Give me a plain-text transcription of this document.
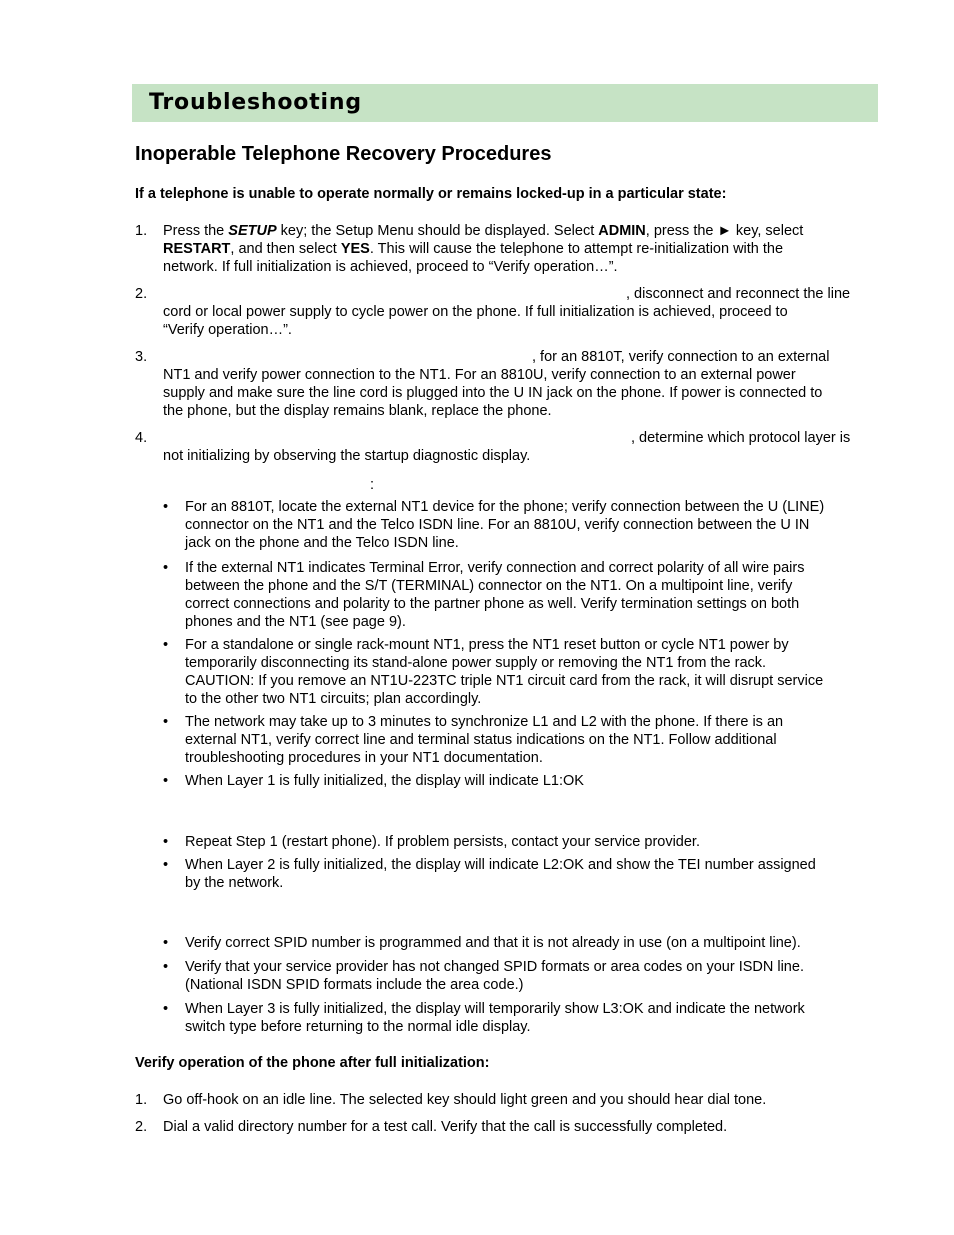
Troubleshooting
Inoperable Telephone Recovery Procedures
If a telephone is unable to operate normally or remains locked-up in a particular state:
1. Press the SETUP key; the Setup Menu should be displayed. Select ADMIN, press the ► key, select
RESTART, and then select YES. This will cause the telephone to attempt re-initialization with the
network. If full initialization is achieved, proceed to “Verify operation…”.
2.	, disconnect and reconnect the line
cord or local power supply to cycle power on the phone. If full initialization is achieved, proceed to
“Verify operation…”.
3.	, for an 8810T, verify connection to an external
NT1 and verify power connection to the NT1. For an 8810U, verify connection to an external power
supply and make sure the line cord is plugged into the U IN jack on the phone. If power is connected to
the phone, but the display remains blank, replace the phone.
4.	, determine which protocol layer is
not initializing by observing the startup diagnostic display.
:
• For an 8810T, locate the external NT1 device for the phone; verify connection between the U (LINE)
connector on the NT1 and the Telco ISDN line. For an 8810U, verify connection between the U IN
jack on the phone and the Telco ISDN line.
• If the external NT1 indicates Terminal Error, verify connection and correct polarity of all wire pairs
between the phone and the S/T (TERMINAL) connector on the NT1. On a multipoint line, verify
correct connections and polarity to the partner phone as well. Verify termination settings on both
phones and the NT1 (see page 9).
• For a standalone or single rack-mount NT1, press the NT1 reset button or cycle NT1 power by
temporarily disconnecting its stand-alone power supply or removing the NT1 from the rack.
CAUTION: If you remove an NT1U-223TC triple NT1 circuit card from the rack, it will disrupt service
to the other two NT1 circuits; plan accordingly.
• The network may take up to 3 minutes to synchronize L1 and L2 with the phone. If there is an
external NT1, verify correct line and terminal status indications on the NT1. Follow additional
troubleshooting procedures in your NT1 documentation.
• When Layer 1 is fully initialized, the display will indicate L1:OK
• Repeat Step 1 (restart phone). If problem persists, contact your service provider.
• When Layer 2 is fully initialized, the display will indicate L2:OK and show the TEI number assigned
by the network.
• Verify correct SPID number is programmed and that it is not already in use (on a multipoint line).
• Verify that your service provider has not changed SPID formats or area codes on your ISDN line.
(National ISDN SPID formats include the area code.)
• When Layer 3 is fully initialized, the display will temporarily show L3:OK and indicate the network
switch type before returning to the normal idle display.
Verify operation of the phone after full initialization:
1. Go off-hook on an idle line. The selected key should light green and you should hear dial tone.
2. Dial a valid directory number for a test call. Verify that the call is successfully completed.
